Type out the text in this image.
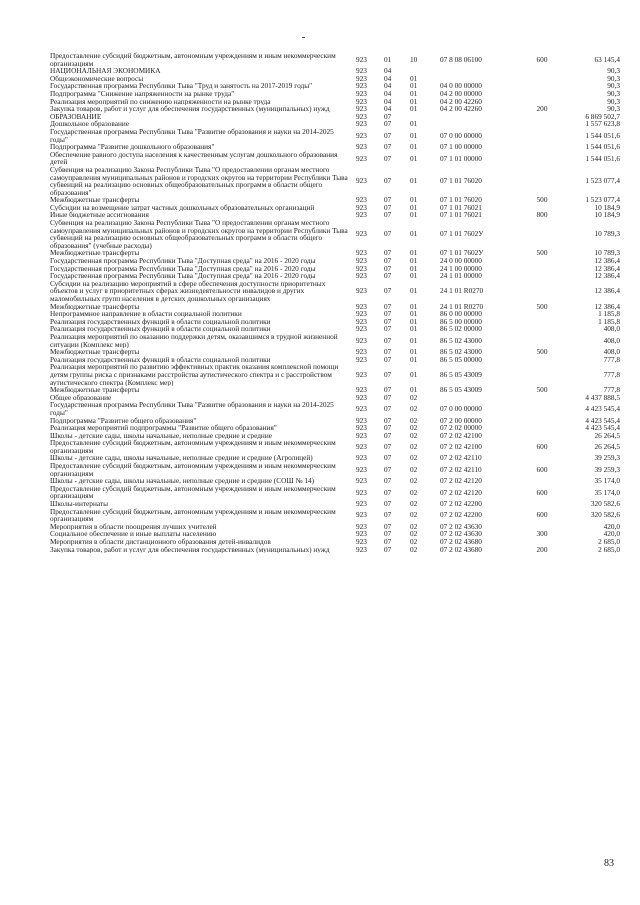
Предоставление субсидий бюджетным, автономным учреждениям и иным некоммерческим организациям	923	01	10	07 8 08 06100	600	63 145,4
НАЦИОНАЛЬНАЯ ЭКОНОМИКА	923	04				90,3
Общеэкономические вопросы	923	04	01			90,3
Государственная программа Республики Тыва "Труд и занятость на 2017-2019 годы"	923	04	01	04 0 00 00000		90,3
Подпрограмма "Снижение напряженности на рынке труда"	923	04	01	04 2 00 00000		90,3
Реализация мероприятий по снижению напряженности на рынке труда	923	04	01	04 2 00 42260		90,3
Закупка товаров, работ и услуг для обеспечения государственных (муниципальных) нужд	923	04	01	04 2 00 42260	200	90,3
ОБРАЗОВАНИЕ	923	07				6 869 502,7
Дошкольное образование	923	07	01			1 557 623,8
Государственная программа Республики Тыва "Развитие образования и науки на 2014-2025 годы"	923	07	01	07 0 00 00000		1 544 051,6
Подпрограмма "Развитие дошкольного образования"	923	07	01	07 1 00 00000		1 544 051,6
Обеспечение равного доступа населения к качественным услугам дошкольного образования детей	923	07	01	07 1 01 00000		1 544 051,6
Субвенция на реализацию Закона Республики Тыва "О предоставлении органам местного самоуправления муниципальных районов и городских округов на территории Республики Тыва субвенций на реализацию основных общеобразовательных программ в области общего образования"	923	07	01	07 1 01 76020		1 523 077,4
Межбюджетные трансферты	923	07	01	07 1 01 76020	500	1 523 077,4
Субсидии на возмещение затрат частных дошкольных образовательных организаций	923	07	01	07 1 01 76021		10 184,9
Иные бюджетные ассигнования	923	07	01	07 1 01 76021	800	10 184,9
Субвенция на реализацию Закона Республики Тыва "О предоставлении органам местного самоуправления муниципальных районов и городских округов на территории Республики Тыва субвенций на реализацию основных общеобразовательных программ в области общего образования" (учебные расходы)	923	07	01	07 1 01 7602У		10 789,3
Межбюджетные трансферты	923	07	01	07 1 01 7602У	500	10 789,3
Государственная программа Республики Тыва "Доступная среда" на 2016 - 2020 годы	923	07	01	24 0 00 00000		12 386,4
Государственная программа Республики Тыва "Доступная среда" на 2016 - 2020 годы	923	07	01	24 1 00 00000		12 386,4
Государственная программа Республики Тыва "Доступная среда" на 2016 - 2020 годы	923	07	01	24 1 01 00000		12 386,4
Субсидии на реализацию мероприятий в сфере обеспечения доступности приоритетных объектов и услуг в приоритетных сферах жизнедеятельности инвалидов и других маломобильных групп населения в детских дошкольных организациях	923	07	01	24 1 01 R0270		12 386,4
Межбюджетные трансферты	923	07	01	24 1 01 R0270	500	12 386,4
Непрограммное направление в области социальной политики	923	07	01	86 0 00 00000		1 185,8
Реализация государственных функций в области социальной политики	923	07	01	86 5 00 00000		1 185,8
Реализация государственных функций в области социальной политики	923	07	01	86 5 02 00000		408,0
Реализация мероприятий по оказанию поддержки детям, оказавшимся в трудной жизненной ситуации (Комплекс мер)	923	07	01	86 5 02 43000		408,0
Межбюджетные трансферты	923	07	01	86 5 02 43000	500	408,0
Реализация государственных функций в области социальной политики	923	07	01	86 5 05 00000		777,8
Реализация мероприятий по развитию эффективных практик оказания комплексной помощи детям группы риска с признаками расстройства аутистического спектра и с расстройством аутистического спектра (Комплекс мер)	923	07	01	86 5 05 43009		777,8
Межбюджетные трансферты	923	07	01	86 5 05 43009	500	777,8
Общее образование	923	07	02			4 437 888,5
Государственная программа Республики Тыва "Развитие образования и науки на 2014-2025 годы"	923	07	02	07 0 00 00000		4 423 545,4
Подпрограмма "Развитие общего образования"	923	07	02	07 2 00 00000		4 423 545,4
Реализация мероприятий подпрограммы "Развитие общего образования"	923	07	02	07 2 02 00000		4 423 545,4
Школы - детские сады, школы начальные, неполные средние и средние	923	07	02	07 2 02 42100		26 264,5
Предоставление субсидий бюджетным, автономным учреждениям и иным некоммерческим организациям	923	07	02	07 2 02 42100	600	26 264,5
Школы - детские сады, школы начальные, неполные средние и средние (Агролицей)	923	07	02	07 2 02 42110		39 259,3
Предоставление субсидий бюджетным, автономным учреждениям и иным некоммерческим организациям	923	07	02	07 2 02 42110	600	39 259,3
Школы - детские сады, школы начальные, неполные средние и средние (СОШ № 14)	923	07	02	07 2 02 42120		35 174,0
Предоставление субсидий бюджетным, автономным учреждениям и иным некоммерческим организациям	923	07	02	07 2 02 42120	600	35 174,0
Школы-интернаты	923	07	02	07 2 02 42200		320 582,6
Предоставление субсидий бюджетным, автономным учреждениям и иным некоммерческим организациям	923	07	02	07 2 02 42200	600	320 582,6
Мероприятия в области поощрения лучших учителей	923	07	02	07 2 02 43630		420,0
Социальное обеспечение и иные выплаты населению	923	07	02	07 2 02 43630	300	420,0
Мероприятия в области дистанционного образования детей-инвалидов	923	07	02	07 2 02 43680		2 685,0
Закупка товаров, работ и услуг для обеспечения государственных (муниципальных) нужд	923	07	02	07 2 02 43680	200	2 685,0
83
